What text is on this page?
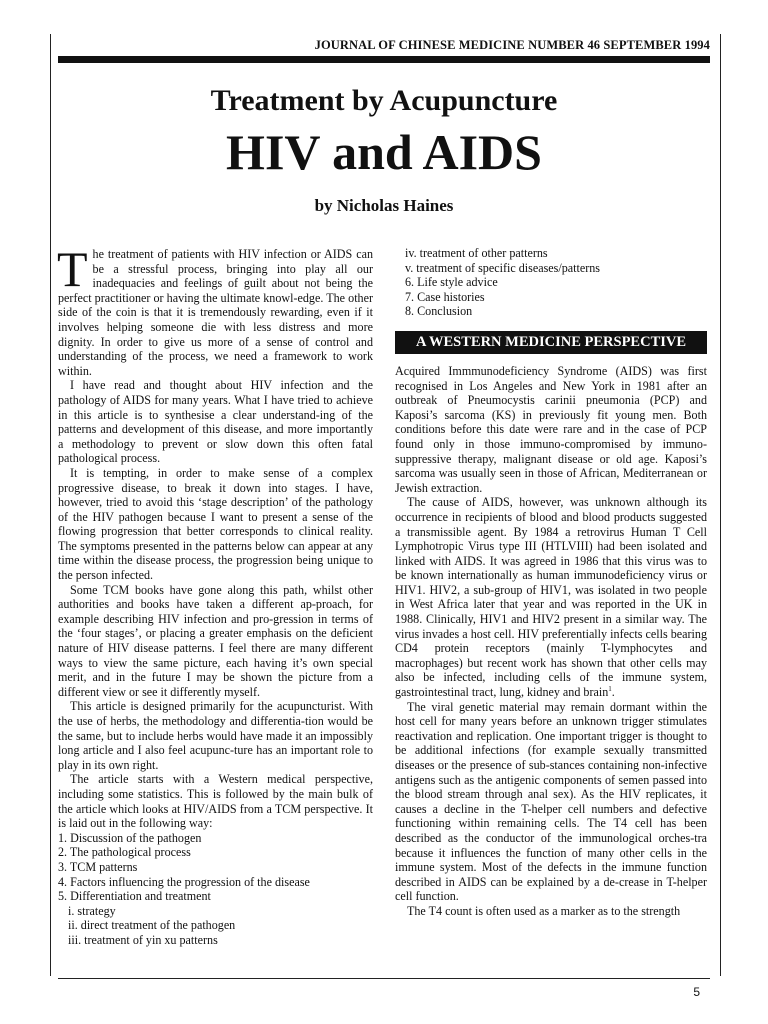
JOURNAL OF CHINESE MEDICINE NUMBER 46 SEPTEMBER 1994
Treatment by Acupuncture
HIV and AIDS
by Nicholas Haines

The treatment of patients with HIV infection or AIDS can be a stressful process, bringing into play all our inadequacies and feelings of guilt about not being the perfect practitioner or having the ultimate knowl-edge. The other side of the coin is that it is tremendously rewarding, even if it involves helping someone die with less distress and more dignity. In order to give us more of a sense of control and understanding of the process, we need a framework to work within.

I have read and thought about HIV infection and the pathology of AIDS for many years. What I have tried to achieve in this article is to synthesise a clear understand-ing of the patterns and development of this disease, and more importantly a methodology to prevent or slow down this often fatal pathological process.

It is tempting, in order to make sense of a complex progressive disease, to break it down into stages. I have, however, tried to avoid this ‘stage description’ of the pathology of the HIV pathogen because I want to present a sense of the flowing progression that better corresponds to clinical reality. The symptoms presented in the patterns below can appear at any time within the disease process, the progression being unique to the person infected.

Some TCM books have gone along this path, whilst other authorities and books have taken a different ap-proach, for example describing HIV infection and pro-gression in terms of the ‘four stages’, or placing a greater emphasis on the deficient nature of HIV disease patterns. I feel there are many different ways to view the same picture, each having it’s own special merit, and in the future I may be shown the picture from a different view or see it differently myself.

This article is designed primarily for the acupuncturist. With the use of herbs, the methodology and differentia-tion would be the same, but to include herbs would have made it an impossibly long article and I also feel acupunc-ture has an important role to play in its own right.

The article starts with a Western medical perspective, including some statistics. This is followed by the main bulk of the article which looks at HIV/AIDS from a TCM perspective. It is laid out in the following way:

1. Discussion of the pathogen
2. The pathological process
3. TCM patterns
4. Factors influencing the progression of the disease
5. Differentiation and treatment
i. strategy
ii. direct treatment of the pathogen
iii. treatment of yin xu patterns
iv. treatment of other patterns
v. treatment of specific diseases/patterns
6. Life style advice
7. Case histories
8. Conclusion
A WESTERN MEDICINE PERSPECTIVE

Acquired Immmunodeficiency Syndrome (AIDS) was first recognised in Los Angeles and New York in 1981 after an outbreak of Pneumocystis carinii pneumonia (PCP) and Kaposi’s sarcoma (KS) in previously fit young men. Both conditions before this date were rare and in the case of PCP found only in those immuno-compromised by immuno-suppressive therapy, malignant disease or old age. Kaposi’s sarcoma was usually seen in those of African, Mediterranean or Jewish extraction.

The cause of AIDS, however, was unknown although its occurrence in recipients of blood and blood products suggested a transmissible agent. By 1984 a retrovirus Human T Cell Lymphotropic Virus type III (HTLVIII) had been isolated and linked with AIDS. It was agreed in 1986 that this virus was to be known internationally as human immunodeficiency virus or HIV1. HIV2, a sub-group of HIV1, was isolated in two people in West Africa later that year and was reported in the UK in 1988. Clinically, HIV1 and HIV2 present in a similar way. The virus invades a host cell. HIV preferentially infects cells bearing CD4 protein receptors (mainly T-lymphocytes and macrophages) but recent work has shown that other cells may also be infected, including cells of the immune system, gastrointestinal tract, lung, kidney and brain$^1$.

The viral genetic material may remain dormant within the host cell for many years before an unknown trigger stimulates reactivation and replication. One important trigger is thought to be additional infections (for example sexually transmitted diseases or the presence of sub-stances containing non-infective antigens such as the antigenic components of semen passed into the blood stream through anal sex). As the HIV replicates, it causes a decline in the T-helper cell numbers and defective functioning within remaining cells. The T4 cell has been described as the conductor of the immunological orches-tra because it influences the function of many other cells in the immune system. Most of the defects in the immune function described in AIDS can be explained by a de-crease in T-helper cell function.

The T4 count is often used as a marker as to the strength

5
